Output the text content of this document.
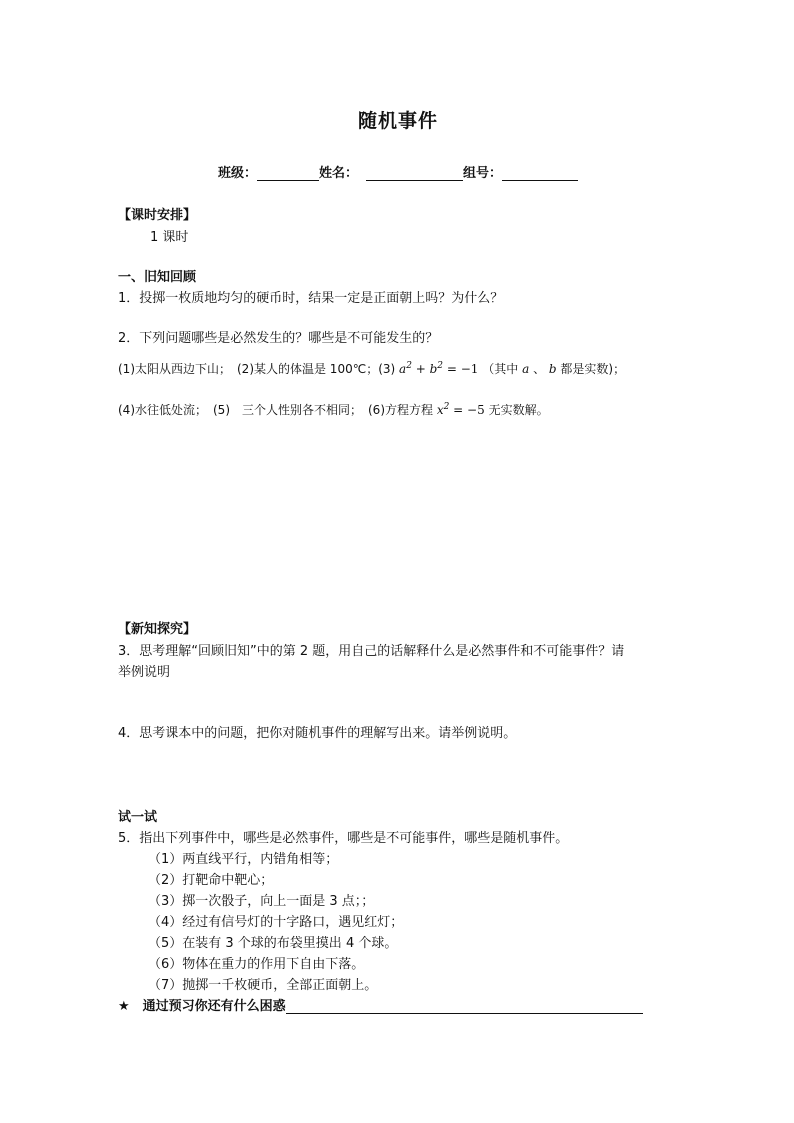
随机事件
班级：	姓名：	组号：
【课时安排】
1 课时
一、旧知回顾
1．投掷一枚质地均匀的硬币时，结果一定是正面朝上吗？为什么？
2．下列问题哪些是必然发生的？哪些是不可能发生的？
(1)太阳从西边下山；　(2)某人的体温是 100℃；(3) $a^2 + b^2 = -1$ （其中 a 、 b 都是实数)；
(4)水往低处流；　(5)　三个人性别各不相同；　(6)方程方程 $x^2 = -5$ 无实数解。
【新知探究】
3．思考理解“回顾旧知”中的第 2 题，用自己的话解释什么是必然事件和不可能事件？请
举例说明
4．思考课本中的问题，把你对随机事件的理解写出来。请举例说明。
试一试
5．指出下列事件中，哪些是必然事件，哪些是不可能事件，哪些是随机事件。
（1）两直线平行，内错角相等；
（2）打靶命中靶心；
（3）掷一次骰子，向上一面是 3 点；；
（4）经过有信号灯的十字路口，遇见红灯；
（5）在装有 3 个球的布袋里摸出 4 个球。
（6）物体在重力的作用下自由下落。
（7）抛掷一千枚硬币，全部正面朝上。
★　通过预习你还有什么困惑
